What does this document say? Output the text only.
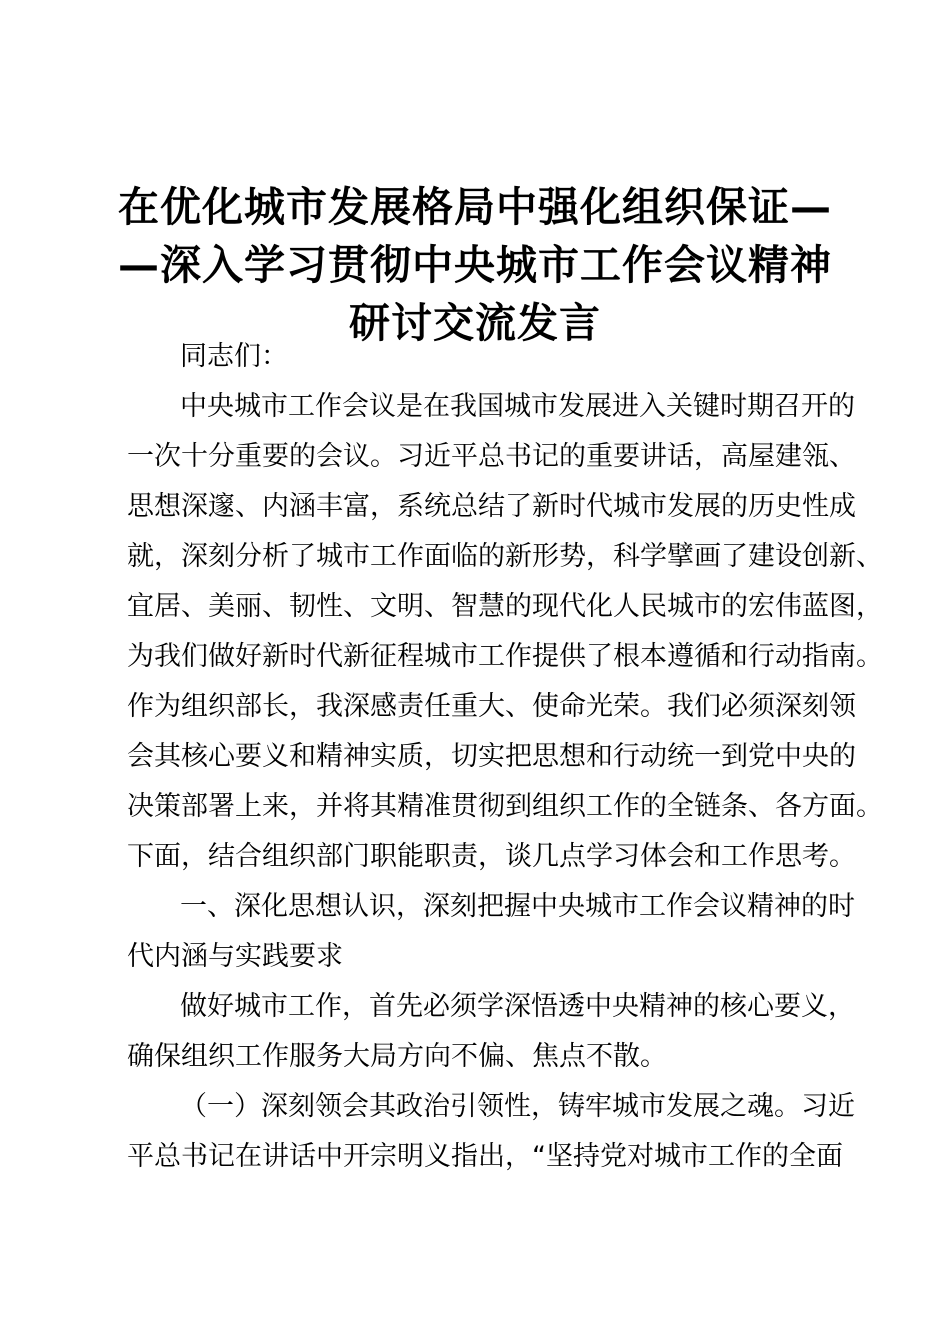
在优化城市发展格局中强化组织保证—
—深入学习贯彻中央城市工作会议精神
研讨交流发言
同志们：
中央城市工作会议是在我国城市发展进入关键时期召开的
一次十分重要的会议。习近平总书记的重要讲话，高屋建瓴、
思想深邃、内涵丰富，系统总结了新时代城市发展的历史性成
就，深刻分析了城市工作面临的新形势，科学擘画了建设创新、
宜居、美丽、韧性、文明、智慧的现代化人民城市的宏伟蓝图，
为我们做好新时代新征程城市工作提供了根本遵循和行动指南。
作为组织部长，我深感责任重大、使命光荣。我们必须深刻领
会其核心要义和精神实质，切实把思想和行动统一到党中央的
决策部署上来，并将其精准贯彻到组织工作的全链条、各方面。
下面，结合组织部门职能职责，谈几点学习体会和工作思考。
一、深化思想认识，深刻把握中央城市工作会议精神的时
代内涵与实践要求
做好城市工作，首先必须学深悟透中央精神的核心要义，
确保组织工作服务大局方向不偏、焦点不散。
（一）深刻领会其政治引领性，铸牢城市发展之魂。习近
平总书记在讲话中开宗明义指出，“坚持党对城市工作的全面
